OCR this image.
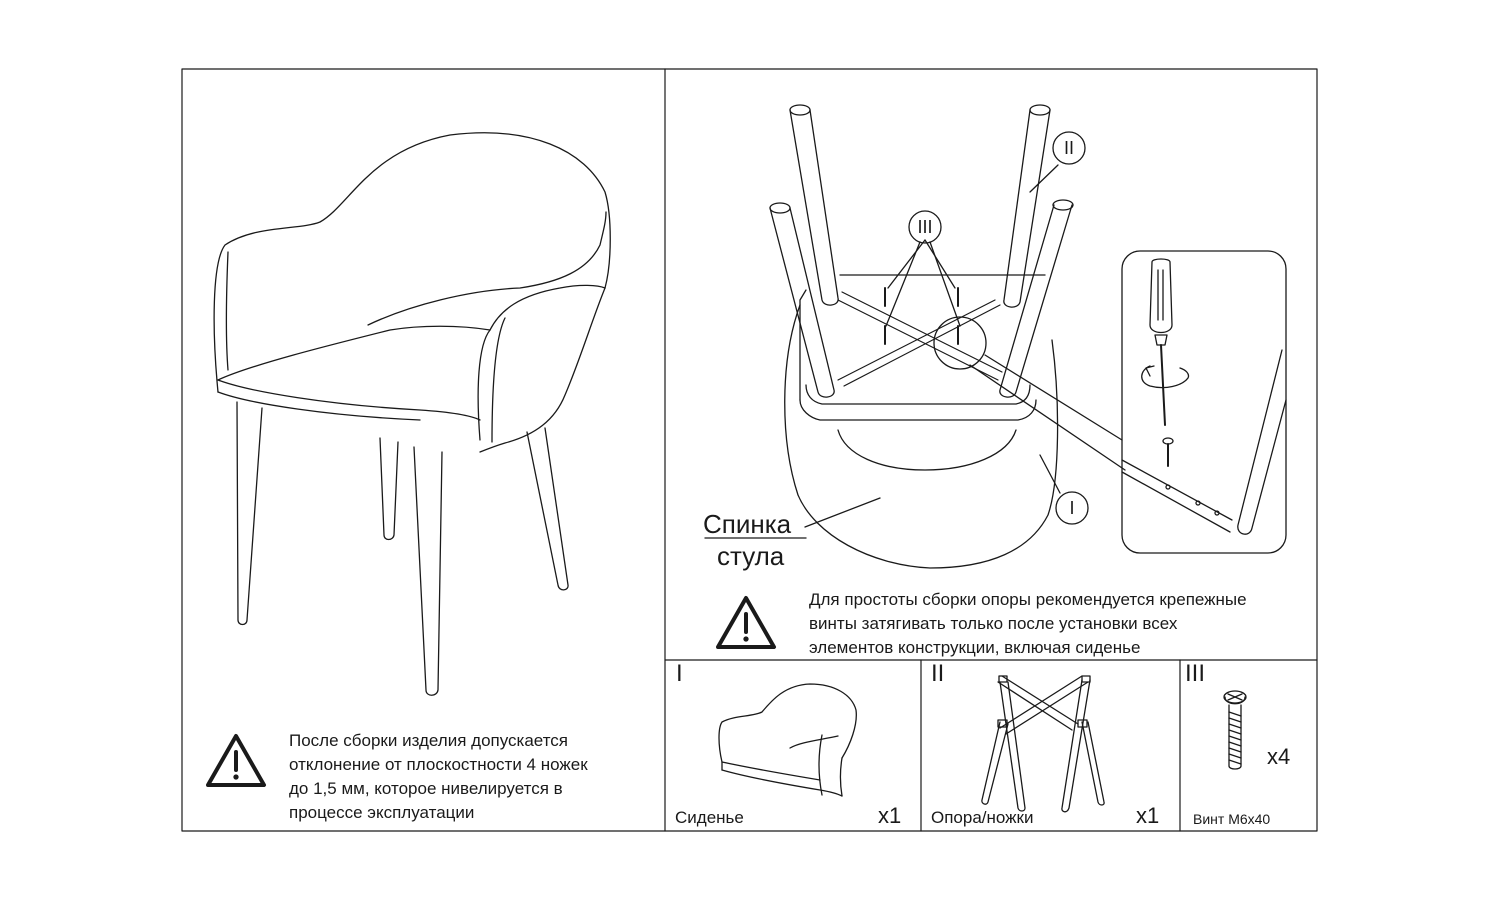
После сборки изделия допускается
отклонение от плоскостности 4 ножек
до 1,5 мм, которое нивелируется в
процессе эксплуатации

III
II
I

Спинка
стула

Для простоты сборки опоры рекомендуется крепежные
винты затягивать только после установки всех
элементов конструкции, включая сиденье

I
Сиденье	x1
II
Опора/ножки	x1
III
Винт М6х40
x4
